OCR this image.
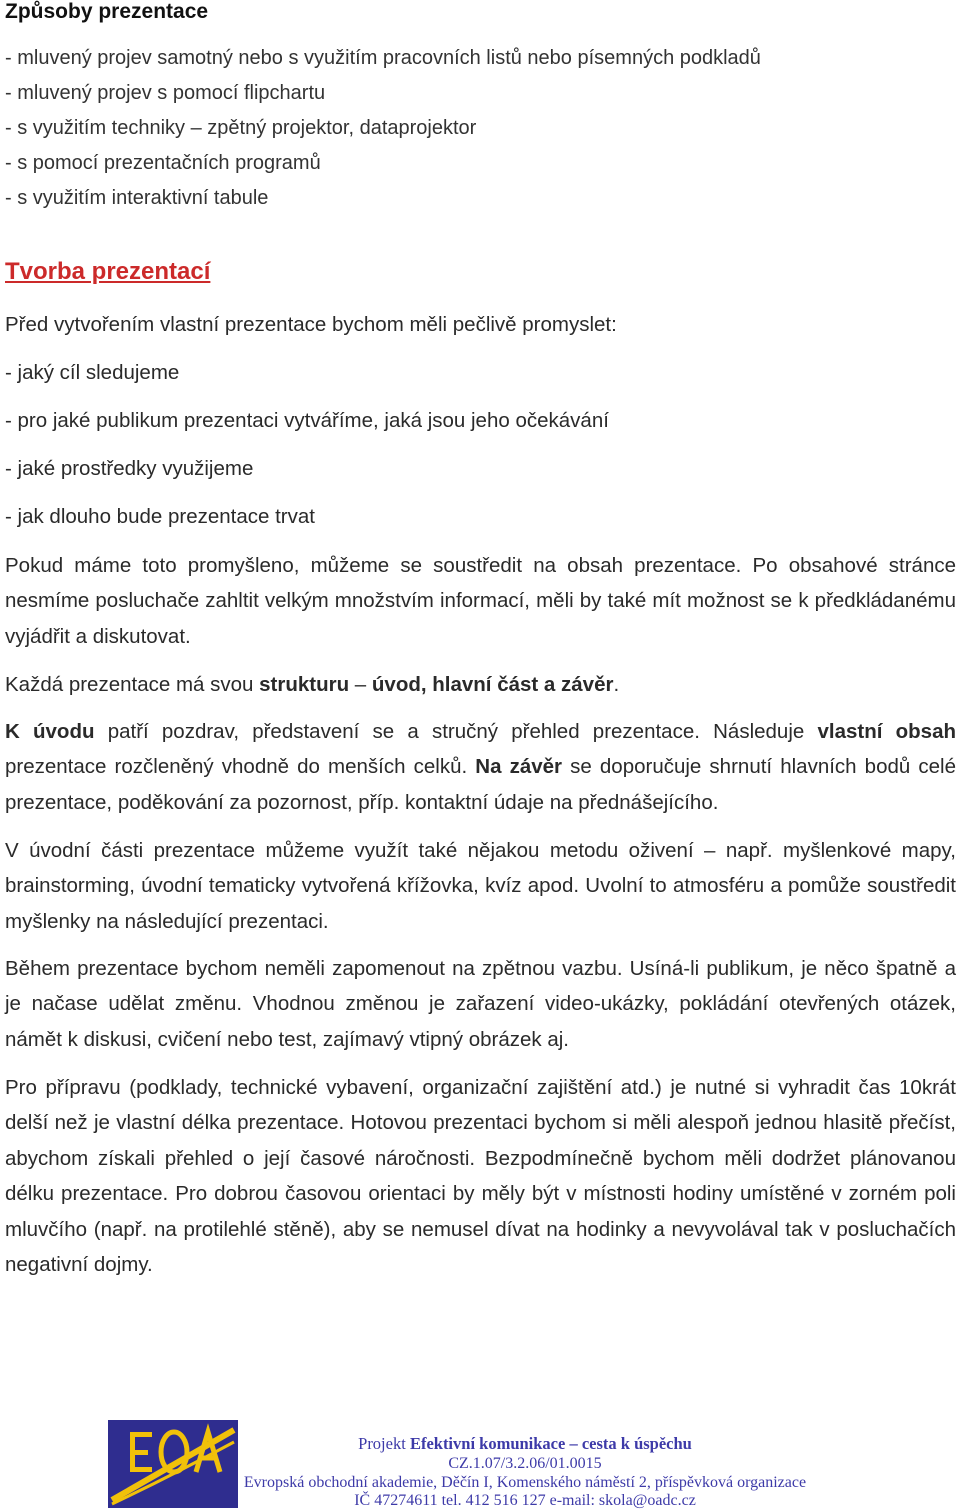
Způsoby prezentace
- mluvený projev samotný nebo s využitím pracovních listů nebo písemných podkladů
- mluvený projev s pomocí flipchartu
- s využitím techniky – zpětný projektor, dataprojektor
- s pomocí prezentačních programů
- s využitím interaktivní tabule
Tvorba prezentací
Před vytvořením vlastní prezentace bychom měli pečlivě promyslet:
- jaký cíl sledujeme
- pro jaké publikum prezentaci vytváříme, jaká jsou jeho očekávání
- jaké prostředky využijeme
- jak dlouho bude prezentace trvat
Pokud máme toto promyšleno, můžeme se soustředit na obsah prezentace. Po obsahové stránce nesmíme posluchače zahltit velkým množstvím informací, měli by také mít možnost se k předkládanému vyjádřit a diskutovat.
Každá prezentace má svou strukturu – úvod, hlavní část a závěr.
K úvodu patří pozdrav, představení se a stručný přehled prezentace. Následuje vlastní obsah prezentace rozčleněný vhodně do menších celků. Na závěr se doporučuje shrnutí hlavních bodů celé prezentace, poděkování za pozornost, příp. kontaktní údaje na přednášejícího.
V úvodní části prezentace můžeme využít také nějakou metodu oživení – např. myšlenkové mapy, brainstorming, úvodní tematicky vytvořená křížovka, kvíz apod. Uvolní to atmosféru a pomůže soustředit myšlenky na následující prezentaci.
Během prezentace bychom neměli zapomenout na zpětnou vazbu. Usíná-li publikum, je něco špatně a je načase udělat změnu. Vhodnou změnou je zařazení video-ukázky, pokládání otevřených otázek, námět k diskusi, cvičení nebo test, zajímavý vtipný obrázek aj.
Pro přípravu (podklady, technické vybavení, organizační zajištění atd.) je nutné si vyhradit čas 10krát delší než je vlastní délka prezentace. Hotovou prezentaci bychom si měli alespoň jednou hlasitě přečíst, abychom získali přehled o její časové náročnosti. Bezpodmínečně bychom měli dodržet plánovanou délku prezentace. Pro dobrou časovou orientaci by měly být v místnosti hodiny umístěné v zorném poli mluvčího (např. na protilehlé stěně), aby se nemusel dívat na hodinky a nevyvolával tak v posluchačích negativní dojmy.
Projekt Efektivní komunikace – cesta k úspěchu
CZ.1.07/3.2.06/01.0015
Evropská obchodní akademie, Děčín I, Komenského náměstí 2, příspěvková organizace
IČ 47274611 tel. 412 516 127 e-mail: skola@oadc.cz
